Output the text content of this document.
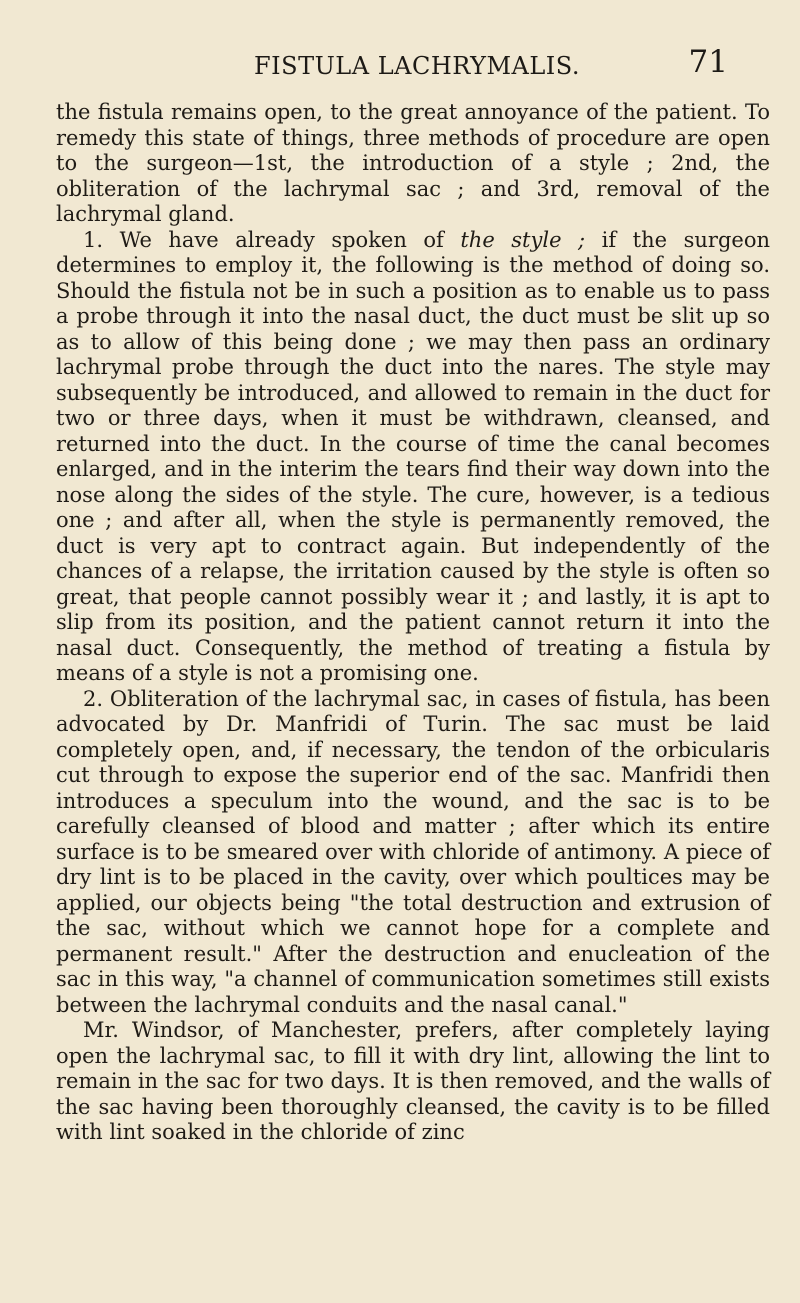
FISTULA LACHRYMALIS.	71

the fistula remains open, to the great annoyance of the patient. To remedy this state of things, three methods of procedure are open to the surgeon—1st, the introduction of a style ; 2nd, the obliteration of the lachrymal sac ; and 3rd, removal of the lachrymal gland.

1. We have already spoken of the style ; if the surgeon determines to employ it, the following is the method of doing so. Should the fistula not be in such a position as to enable us to pass a probe through it into the nasal duct, the duct must be slit up so as to allow of this being done ; we may then pass an ordinary lachrymal probe through the duct into the nares. The style may subsequently be introduced, and allowed to remain in the duct for two or three days, when it must be withdrawn, cleansed, and returned into the duct. In the course of time the canal becomes enlarged, and in the interim the tears find their way down into the nose along the sides of the style. The cure, however, is a tedious one ; and after all, when the style is permanently removed, the duct is very apt to contract again. But independently of the chances of a relapse, the irritation caused by the style is often so great, that people cannot possibly wear it ; and lastly, it is apt to slip from its position, and the patient cannot return it into the nasal duct. Consequently, the method of treating a fistula by means of a style is not a promising one.

2. Obliteration of the lachrymal sac, in cases of fistula, has been advocated by Dr. Manfridi of Turin. The sac must be laid completely open, and, if necessary, the tendon of the orbicularis cut through to expose the superior end of the sac. Manfridi then introduces a speculum into the wound, and the sac is to be carefully cleansed of blood and matter ; after which its entire surface is to be smeared over with chloride of antimony. A piece of dry lint is to be placed in the cavity, over which poultices may be applied, our objects being "the total destruction and extrusion of the sac, without which we cannot hope for a complete and permanent result." After the destruction and enucleation of the sac in this way, "a channel of communication sometimes still exists between the lachrymal conduits and the nasal canal."

Mr. Windsor, of Manchester, prefers, after completely laying open the lachrymal sac, to fill it with dry lint, allowing the lint to remain in the sac for two days. It is then removed, and the walls of the sac having been thoroughly cleansed, the cavity is to be filled with lint soaked in the chloride of zinc
